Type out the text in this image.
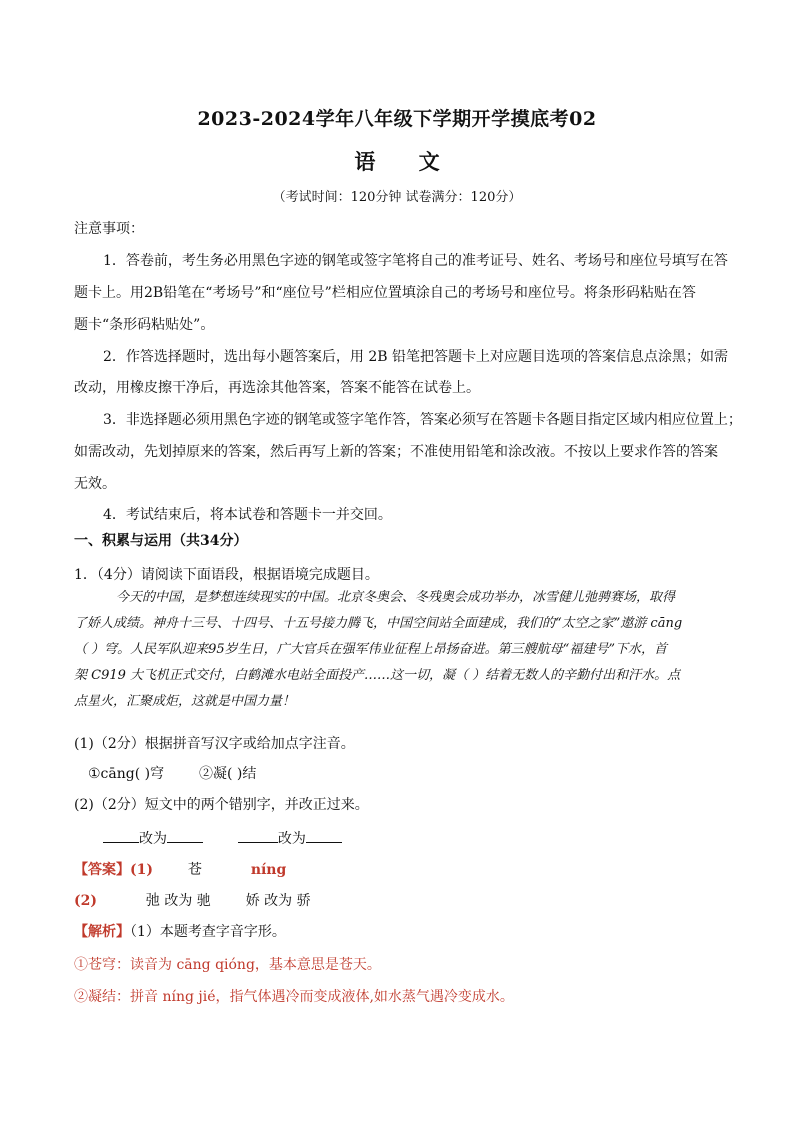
2023-2024学年八年级下学期开学摸底考02
语 文
（考试时间：120分钟 试卷满分：120分）
注意事项：
1．答卷前，考生务必用黑色字迹的钢笔或签字笔将自己的准考证号、姓名、考场号和座位号填写在答
题卡上。用2B铅笔在“考场号”和“座位号”栏相应位置填涂自己的考场号和座位号。将条形码粘贴在答
题卡“条形码粘贴处”。
2．作答选择题时，选出每小题答案后，用 2B 铅笔把答题卡上对应题目选项的答案信息点涂黑；如需
改动，用橡皮擦干净后，再选涂其他答案，答案不能答在试卷上。
3．非选择题必须用黑色字迹的钢笔或签字笔作答，答案必须写在答题卡各题目指定区域内相应位置上；
如需改动，先划掉原来的答案，然后再写上新的答案；不准使用铅笔和涂改液。不按以上要求作答的答案
无效。
4．考试结束后，将本试卷和答题卡一并交回。
一、积累与运用（共34分）
1．（4分）请阅读下面语段，根据语境完成题目。
今天的中国，是梦想连续现实的中国。北京冬奥会、冬残奥会成功举办，冰雪健儿弛骋赛场，取得
了娇人成绩。神舟十三号、十四号、十五号接力腾飞，中国空间站全面建成，我们的“太空之家”遨游 cāng
（ ）穹。人民军队迎来95岁生日，广大官兵在强军伟业征程上昂扬奋进。第三艘航母“福建号”下水，首
架 C919 大飞机正式交付，白鹤滩水电站全面投产……这一切，凝（ ）结着无数人的辛勤付出和汗水。点
点星火，汇聚成炬，这就是中国力量！
(1)（2分）根据拼音写汉字或给加点字注音。
①cāng( )穹 ②凝( )结
(2)（2分）短文中的两个错别字，并改正过来。
改为	改为
【答案】(1) 苍	níng
(2)	弛 改为 驰 娇 改为 骄
【解析】（1）本题考查字音字形。
①苍穹：读音为 cāng qióng，基本意思是苍天。
②凝结：拼音 níng jié，指气体遇冷而变成液体,如水蒸气遇冷变成水。
